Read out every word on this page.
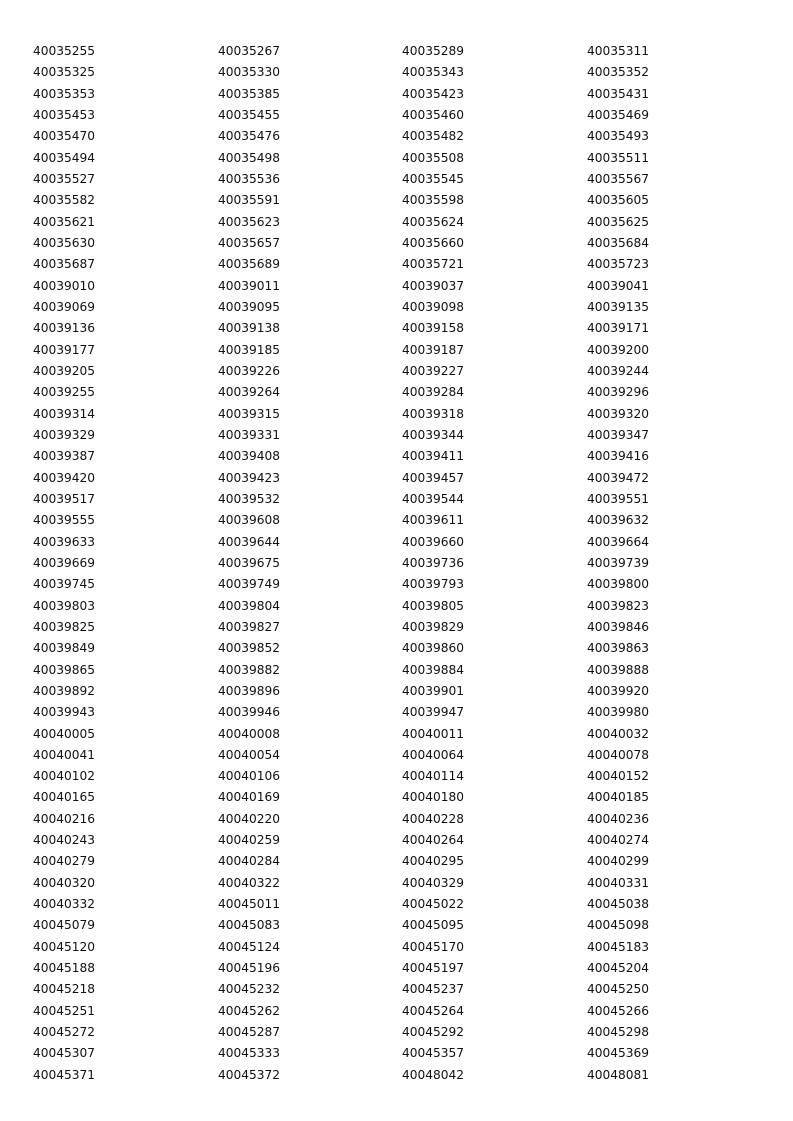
40035255	40035267	40035289	40035311
40035325	40035330	40035343	40035352
40035353	40035385	40035423	40035431
40035453	40035455	40035460	40035469
40035470	40035476	40035482	40035493
40035494	40035498	40035508	40035511
40035527	40035536	40035545	40035567
40035582	40035591	40035598	40035605
40035621	40035623	40035624	40035625
40035630	40035657	40035660	40035684
40035687	40035689	40035721	40035723
40039010	40039011	40039037	40039041
40039069	40039095	40039098	40039135
40039136	40039138	40039158	40039171
40039177	40039185	40039187	40039200
40039205	40039226	40039227	40039244
40039255	40039264	40039284	40039296
40039314	40039315	40039318	40039320
40039329	40039331	40039344	40039347
40039387	40039408	40039411	40039416
40039420	40039423	40039457	40039472
40039517	40039532	40039544	40039551
40039555	40039608	40039611	40039632
40039633	40039644	40039660	40039664
40039669	40039675	40039736	40039739
40039745	40039749	40039793	40039800
40039803	40039804	40039805	40039823
40039825	40039827	40039829	40039846
40039849	40039852	40039860	40039863
40039865	40039882	40039884	40039888
40039892	40039896	40039901	40039920
40039943	40039946	40039947	40039980
40040005	40040008	40040011	40040032
40040041	40040054	40040064	40040078
40040102	40040106	40040114	40040152
40040165	40040169	40040180	40040185
40040216	40040220	40040228	40040236
40040243	40040259	40040264	40040274
40040279	40040284	40040295	40040299
40040320	40040322	40040329	40040331
40040332	40045011	40045022	40045038
40045079	40045083	40045095	40045098
40045120	40045124	40045170	40045183
40045188	40045196	40045197	40045204
40045218	40045232	40045237	40045250
40045251	40045262	40045264	40045266
40045272	40045287	40045292	40045298
40045307	40045333	40045357	40045369
40045371	40045372	40048042	40048081
